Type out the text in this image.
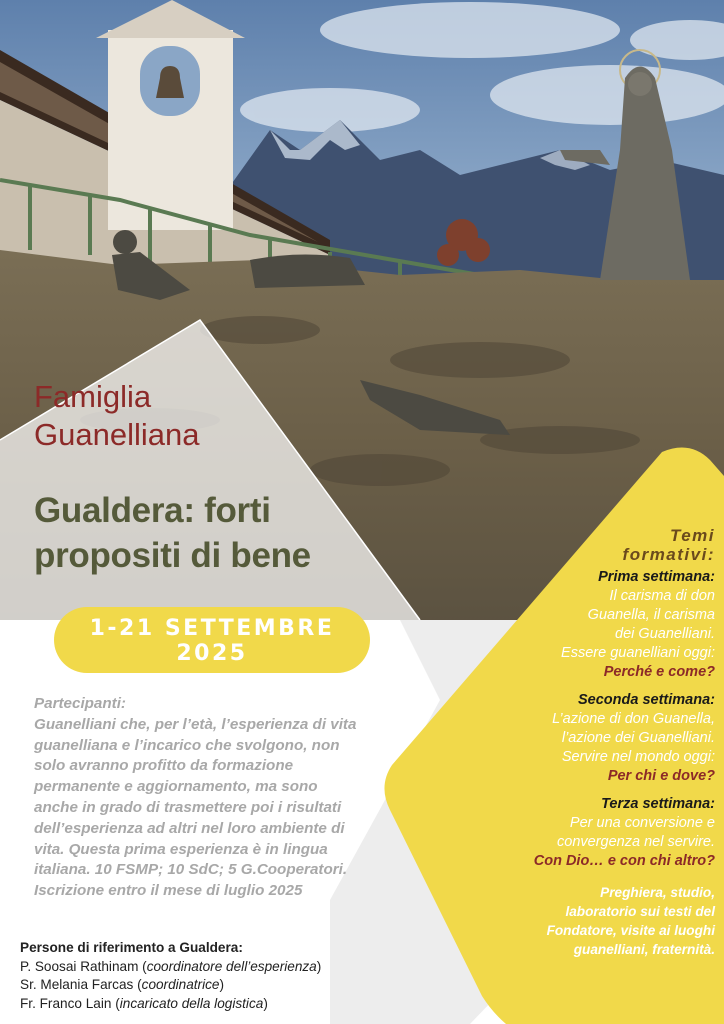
Famiglia
Guanelliana
Gualdera: forti
propositi di bene
1-21 SETTEMBRE
2025
Partecipanti:
Guanelliani che, per l’età, l’esperienza di vita
guanelliana e l’incarico che svolgono, non
solo avranno profitto da formazione
permanente e aggiornamento, ma sono
anche in grado di trasmettere poi i risultati
dell’esperienza ad altri nel loro ambiente di
vita. Questa prima esperienza è in lingua
italiana. 10 FSMP; 10 SdC; 5 G.Cooperatori.
Iscrizione entro il mese di luglio 2025
Persone di riferimento a Gualdera:
P. Soosai Rathinam (coordinatore dell’esperienza)
Sr. Melania Farcas (coordinatrice)
Fr. Franco Lain (incaricato della logistica)
Temi
formativi:
Prima settimana:
Il carisma di don
Guanella, il carisma
dei Guanelliani.
Essere guanelliani oggi:
Perché e come?
Seconda settimana:
L’azione di don Guanella,
l’azione dei Guanelliani.
Servire nel mondo oggi:
Per chi e dove?
Terza settimana:
Per una conversione e
convergenza nel servire.
Con Dio… e con chi altro?
Preghiera, studio,
laboratorio sui testi del
Fondatore, visite ai luoghi
guanelliani, fraternità.
